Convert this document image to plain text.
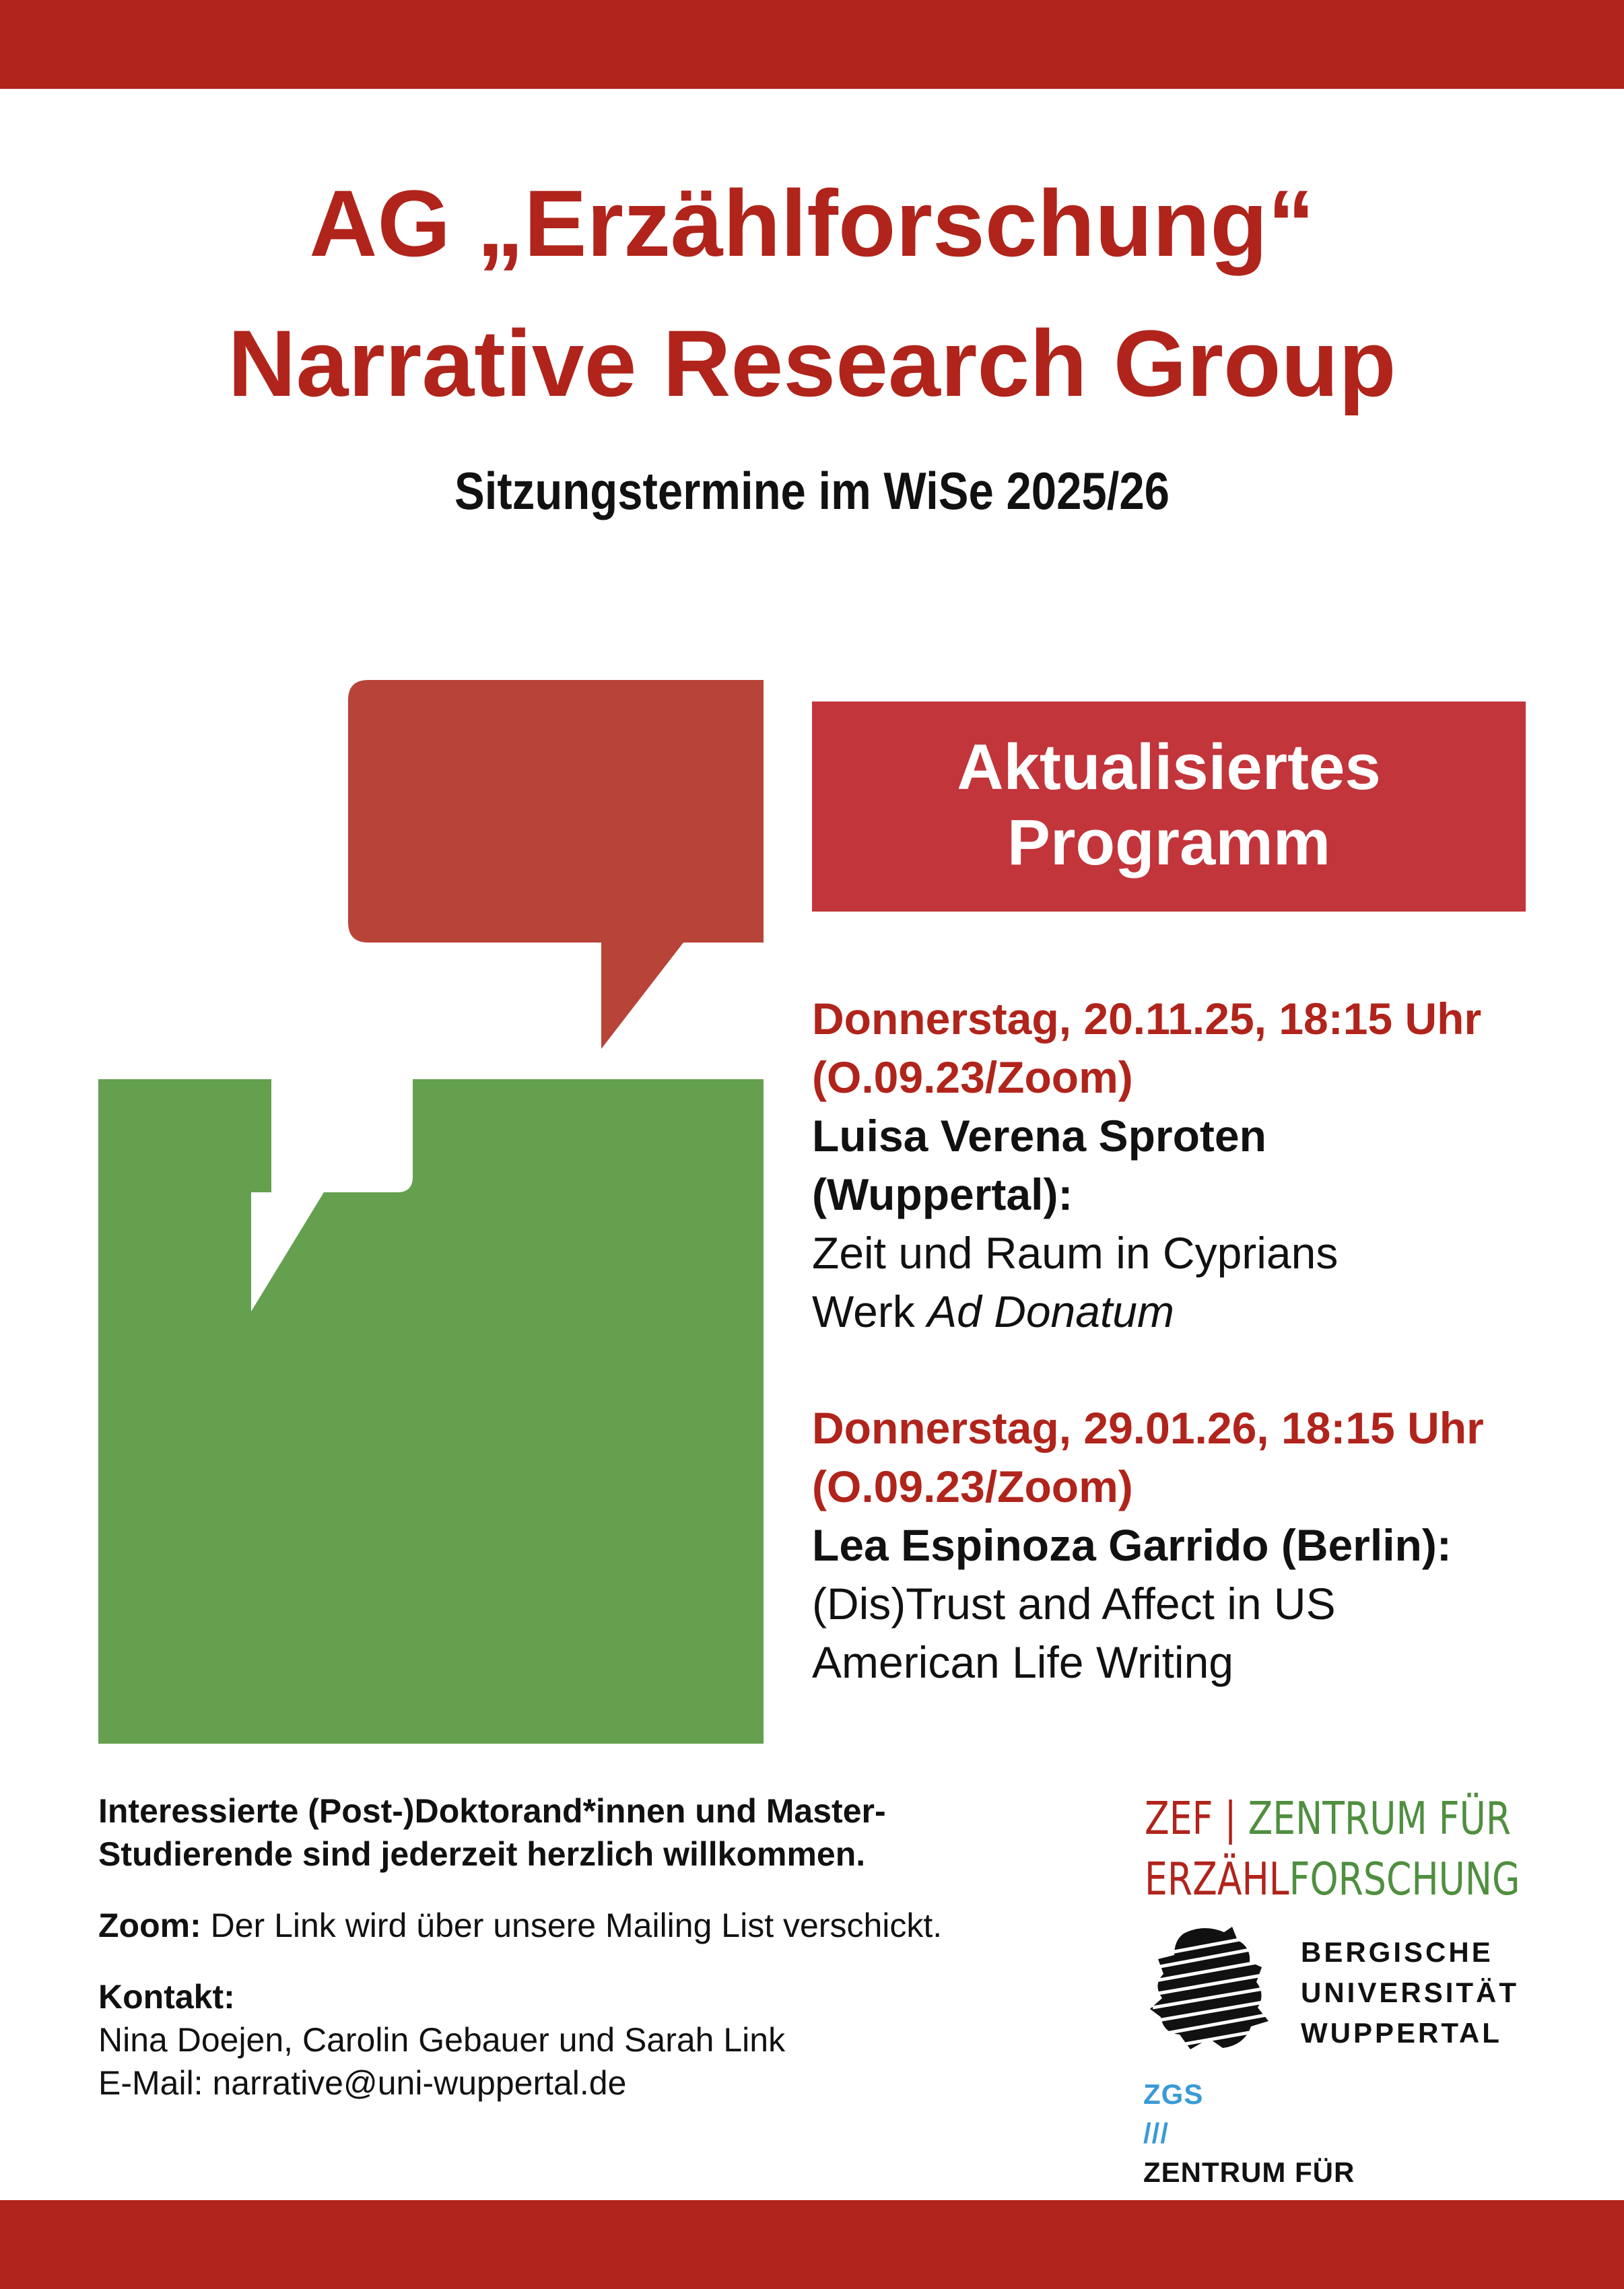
AG „Erzählforschung“
Narrative Research Group
Sitzungstermine im WiSe 2025/26
Aktualisiertes
Programm
Donnerstag, 20.11.25, 18:15 Uhr
(O.09.23/Zoom)
Luisa Verena Sproten
(Wuppertal):
Zeit und Raum in Cyprians
Werk Ad Donatum
Donnerstag, 29.01.26, 18:15 Uhr
(O.09.23/Zoom)
Lea Espinoza Garrido (Berlin):
(Dis)Trust and Affect in US
American Life Writing
Interessierte (Post-)Doktorand*innen und Master-
Studierende sind jederzeit herzlich willkommen.
Zoom: Der Link wird über unsere Mailing List verschickt.
Kontakt:
Nina Doejen, Carolin Gebauer und Sarah Link
E-Mail: narrative@uni-wuppertal.de
ZEF | ZENTRUM FÜR
ERZÄHLFORSCHUNG
BERGISCHE
UNIVERSITÄT
WUPPERTAL
ZGS
///
ZENTRUM FÜR
